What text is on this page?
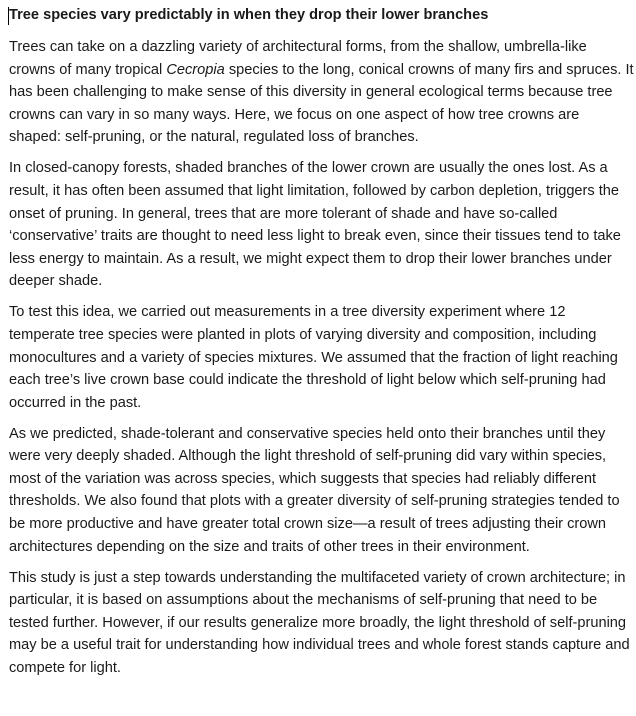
Tree species vary predictably in when they drop their lower branches

Trees can take on a dazzling variety of architectural forms, from the shallow, umbrella-like crowns of many tropical Cecropia species to the long, conical crowns of many firs and spruces. It has been challenging to make sense of this diversity in general ecological terms because tree crowns can vary in so many ways. Here, we focus on one aspect of how tree crowns are shaped: self-pruning, or the natural, regulated loss of branches.

In closed-canopy forests, shaded branches of the lower crown are usually the ones lost. As a result, it has often been assumed that light limitation, followed by carbon depletion, triggers the onset of pruning. In general, trees that are more tolerant of shade and have so-called ‘conservative’ traits are thought to need less light to break even, since their tissues tend to take less energy to maintain. As a result, we might expect them to drop their lower branches under deeper shade.

To test this idea, we carried out measurements in a tree diversity experiment where 12 temperate tree species were planted in plots of varying diversity and composition, including monocultures and a variety of species mixtures. We assumed that the fraction of light reaching each tree’s live crown base could indicate the threshold of light below which self-pruning had occurred in the past.

As we predicted, shade-tolerant and conservative species held onto their branches until they were very deeply shaded. Although the light threshold of self-pruning did vary within species, most of the variation was across species, which suggests that species had reliably different thresholds. We also found that plots with a greater diversity of self-pruning strategies tended to be more productive and have greater total crown size—a result of trees adjusting their crown architectures depending on the size and traits of other trees in their environment.

This study is just a step towards understanding the multifaceted variety of crown architecture; in particular, it is based on assumptions about the mechanisms of self-pruning that need to be tested further. However, if our results generalize more broadly, the light threshold of self-pruning may be a useful trait for understanding how individual trees and whole forest stands capture and compete for light.
